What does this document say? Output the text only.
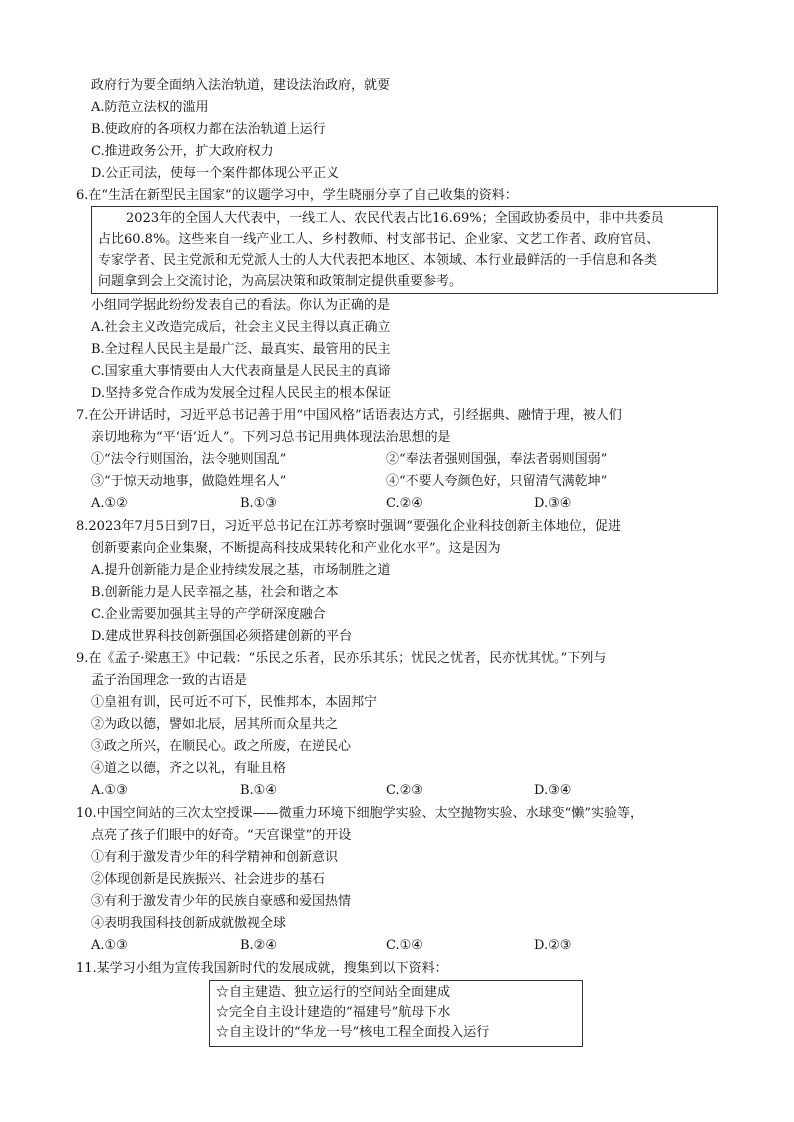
政府行为要全面纳入法治轨道，建设法治政府，就要
A.防范立法权的滥用
B.使政府的各项权力都在法治轨道上运行
C.推进政务公开，扩大政府权力
D.公正司法，使每一个案件都体现公平正义
6.在“生活在新型民主国家”的议题学习中，学生晓丽分享了自己收集的资料：
2023年的全国人大代表中，一线工人、农民代表占比16.69%；全国政协委员中，非中共委员
占比60.8%。这些来自一线产业工人、乡村教师、村支部书记、企业家、文艺工作者、政府官员、
专家学者、民主党派和无党派人士的人大代表把本地区、本领域、本行业最鲜活的一手信息和各类
问题拿到会上交流讨论，为高层决策和政策制定提供重要参考。
小组同学据此纷纷发表自己的看法。你认为正确的是
A.社会主义改造完成后，社会主义民主得以真正确立
B.全过程人民民主是最广泛、最真实、最管用的民主
C.国家重大事情要由人大代表商量是人民民主的真谛
D.坚持多党合作成为发展全过程人民民主的根本保证
7.在公开讲话时，习近平总书记善于用“中国风格”话语表达方式，引经据典、融情于理，被人们
亲切地称为“平‘语’近人”。下列习总书记用典体现法治思想的是
①“法令行则国治，法令驰则国乱”	②“奉法者强则国强，奉法者弱则国弱”
③“于惊天动地事，做隐姓埋名人”	④“不要人夸颜色好，只留清气满乾坤”
A.①②	B.①③	C.②④	D.③④
8.2023年7月5日到7日，习近平总书记在江苏考察时强调“要强化企业科技创新主体地位，促进
创新要素向企业集聚，不断提高科技成果转化和产业化水平”。这是因为
A.提升创新能力是企业持续发展之基，市场制胜之道
B.创新能力是人民幸福之基，社会和谐之本
C.企业需要加强其主导的产学研深度融合
D.建成世界科技创新强国必须搭建创新的平台
9.在《孟子·梁惠王》中记载：“乐民之乐者，民亦乐其乐；忧民之忧者，民亦忧其忧。”下列与
孟子治国理念一致的古语是
①皇祖有训，民可近不可下，民惟邦本，本固邦宁
②为政以德，譬如北辰，居其所而众星共之
③政之所兴，在顺民心。政之所废，在逆民心
④道之以德，齐之以礼，有耻且格
A.①③	B.①④	C.②③	D.③④
10.中国空间站的三次太空授课——微重力环境下细胞学实验、太空抛物实验、水球变“懒”实验等，
点亮了孩子们眼中的好奇。“天宫课堂”的开设
①有利于激发青少年的科学精神和创新意识
②体现创新是民族振兴、社会进步的基石
③有利于激发青少年的民族自豪感和爱国热情
④表明我国科技创新成就傲视全球
A.①③	B.②④	C.①④	D.②③
11.某学习小组为宣传我国新时代的发展成就，搜集到以下资料：
☆自主建造、独立运行的空间站全面建成
☆完全自主设计建造的“福建号”航母下水
☆自主设计的“华龙一号”核电工程全面投入运行
